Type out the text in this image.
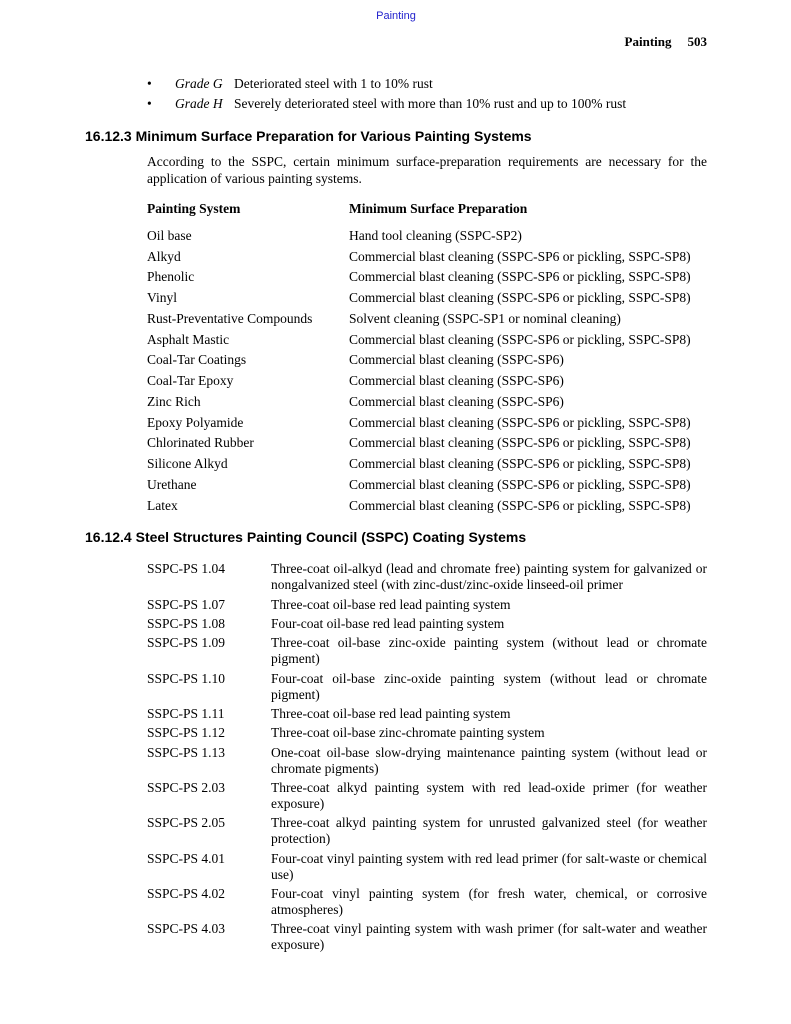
Painting
Painting 503
•	Grade G Deteriorated steel with 1 to 10% rust
•	Grade H Severely deteriorated steel with more than 10% rust and up to 100% rust
16.12.3 Minimum Surface Preparation for Various Painting Systems

According to the SSPC, certain minimum surface-preparation requirements are necessary for the application of various painting systems.

Painting System	Minimum Surface Preparation
Oil base	Hand tool cleaning (SSPC-SP2)
Alkyd	Commercial blast cleaning (SSPC-SP6 or pickling, SSPC-SP8)
Phenolic	Commercial blast cleaning (SSPC-SP6 or pickling, SSPC-SP8)
Vinyl	Commercial blast cleaning (SSPC-SP6 or pickling, SSPC-SP8)
Rust-Preventative Compounds	Solvent cleaning (SSPC-SP1 or nominal cleaning)
Asphalt Mastic	Commercial blast cleaning (SSPC-SP6 or pickling, SSPC-SP8)
Coal-Tar Coatings	Commercial blast cleaning (SSPC-SP6)
Coal-Tar Epoxy	Commercial blast cleaning (SSPC-SP6)
Zinc Rich	Commercial blast cleaning (SSPC-SP6)
Epoxy Polyamide	Commercial blast cleaning (SSPC-SP6 or pickling, SSPC-SP8)
Chlorinated Rubber	Commercial blast cleaning (SSPC-SP6 or pickling, SSPC-SP8)
Silicone Alkyd	Commercial blast cleaning (SSPC-SP6 or pickling, SSPC-SP8)
Urethane	Commercial blast cleaning (SSPC-SP6 or pickling, SSPC-SP8)
Latex	Commercial blast cleaning (SSPC-SP6 or pickling, SSPC-SP8)
16.12.4 Steel Structures Painting Council (SSPC) Coating Systems
SSPC-PS 1.04	Three-coat oil-alkyd (lead and chromate free) painting system for galvanized or nongalvanized steel (with zinc-dust/zinc-oxide linseed-oil primer
SSPC-PS 1.07	Three-coat oil-base red lead painting system
SSPC-PS 1.08	Four-coat oil-base red lead painting system
SSPC-PS 1.09	Three-coat oil-base zinc-oxide painting system (without lead or chromate pigment)
SSPC-PS 1.10	Four-coat oil-base zinc-oxide painting system (without lead or chromate pigment)
SSPC-PS 1.11	Three-coat oil-base red lead painting system
SSPC-PS 1.12	Three-coat oil-base zinc-chromate painting system
SSPC-PS 1.13	One-coat oil-base slow-drying maintenance painting system (without lead or chromate pigments)
SSPC-PS 2.03	Three-coat alkyd painting system with red lead-oxide primer (for weather exposure)
SSPC-PS 2.05	Three-coat alkyd painting system for unrusted galvanized steel (for weather protection)
SSPC-PS 4.01	Four-coat vinyl painting system with red lead primer (for salt-waste or chemical use)
SSPC-PS 4.02	Four-coat vinyl painting system (for fresh water, chemical, or corrosive atmospheres)
SSPC-PS 4.03	Three-coat vinyl painting system with wash primer (for salt-water and weather exposure)
